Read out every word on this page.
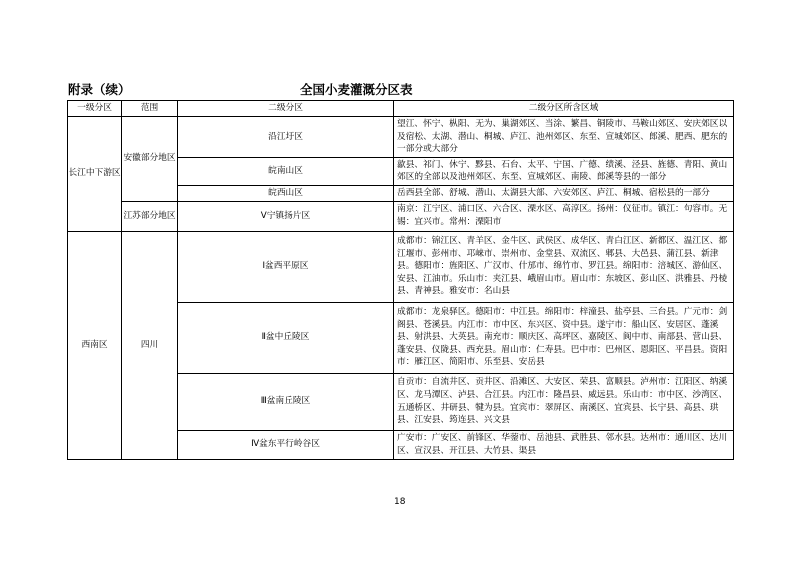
附录（续）	全国小麦灌溉分区表
一级分区	范围	二级分区	二级分区所含区域
长江中下游区	安徽部分地区	沿江圩区	望江、怀宁、枞阳、无为、巢湖郊区、当涂、繁昌、铜陵市、马鞍山郊区、安庆郊区以及宿松、太湖、潜山、桐城、庐江、池州郊区、东至、宣城郊区、郎溪、肥西、肥东的一部分或大部分
		皖南山区	歙县、祁门、休宁、黟县、石台、太平、宁国、广德、绩溪、泾县、旌德、青阳、黄山郊区的全部以及池州郊区、东至、宣城郊区、南陵、郎溪等县的一部分
		皖西山区	岳西县全部、舒城、潜山、太湖县大部、六安郊区、庐江、桐城、宿松县的一部分
	江苏部分地区	Ⅴ宁镇扬片区	南京：江宁区、浦口区、六合区、溧水区、高淳区。扬州：仪征市。镇江：句容市。无锡：宜兴市。常州：溧阳市
西南区	四川	Ⅰ盆西平原区	成都市：锦江区、青羊区、金牛区、武侯区、成华区、青白江区、新都区、温江区、都江堰市、彭州市、邛崃市、崇州市、金堂县、双流区、郫县、大邑县、蒲江县、新津县。德阳市：旌阳区、广汉市、什邡市、绵竹市、罗江县。绵阳市：涪城区、游仙区、安县、江油市。乐山市：夹江县、峨眉山市。眉山市：东坡区、彭山区、洪雅县、丹棱县、青神县。雅安市：名山县
		Ⅱ盆中丘陵区	成都市：龙泉驿区。德阳市：中江县。绵阳市：梓潼县、盐亭县、三台县。广元市：剑阁县、苍溪县。内江市：市中区、东兴区、资中县。遂宁市：船山区、安居区、蓬溪县、射洪县、大英县。南充市：顺庆区、高坪区、嘉陵区、阆中市、南部县、营山县、蓬安县、仪陇县、西充县。眉山市：仁寿县。巴中市：巴州区、恩阳区、平昌县。资阳市：雁江区、简阳市、乐至县、安岳县
		Ⅲ盆南丘陵区	自贡市：自流井区、贡井区、沿滩区、大安区、荣县、富顺县。泸州市：江阳区、纳溪区、龙马潭区、泸县、合江县。内江市：隆昌县、威远县。乐山市：市中区、沙湾区、五通桥区、井研县、犍为县。宜宾市：翠屏区、南溪区、宜宾县、长宁县、高县、珙县、江安县、筠连县、兴文县
		Ⅳ盆东平行岭谷区	广安市：广安区、前锋区、华蓥市、岳池县、武胜县、邻水县。达州市：通川区、达川区、宣汉县、开江县、大竹县、渠县
18
